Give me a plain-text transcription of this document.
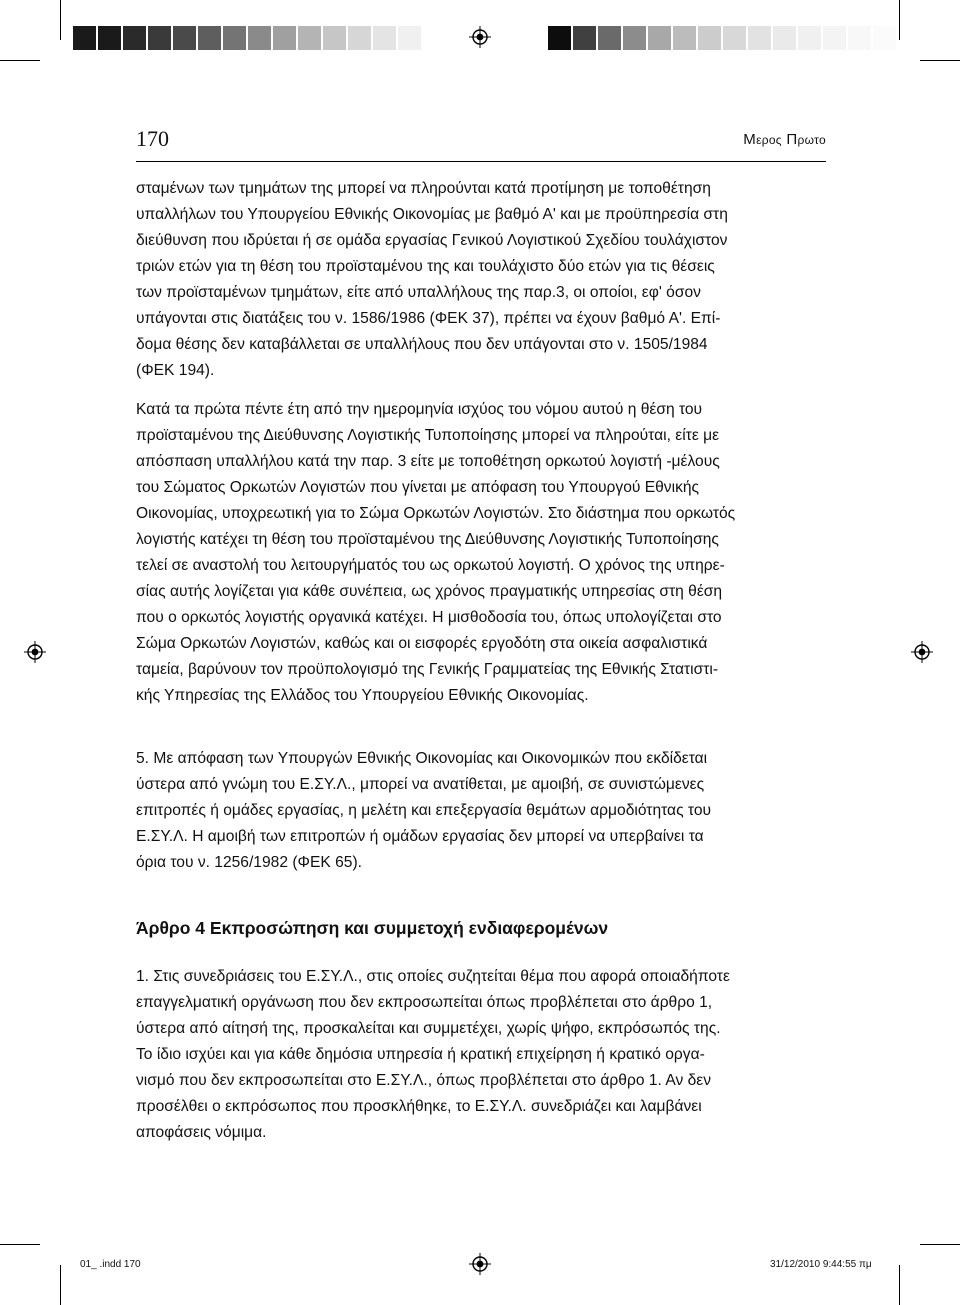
170	Μερος Πρωτο
σταμένων των τμημάτων της μπορεί να πληρούνται κατά προτίμηση με τοποθέτηση
υπαλλήλων του Υπουργείου Εθνικής Οικονομίας με βαθμό Α' και με προϋπηρεσία στη
διεύθυνση που ιδρύεται ή σε ομάδα εργασίας Γενικού Λογιστικού Σχεδίου τουλάχιστον
τριών ετών για τη θέση του προϊσταμένου της και τουλάχιστο δύο ετών για τις θέσεις
των προϊσταμένων τμημάτων, είτε από υπαλλήλους της παρ.3, οι οποίοι, εφ' όσον
υπάγονται στις διατάξεις του ν. 1586/1986 (ΦΕΚ 37), πρέπει να έχουν βαθμό Α'. Επί-
δομα θέσης δεν καταβάλλεται σε υπαλλήλους που δεν υπάγονται στο ν. 1505/1984
(ΦΕΚ 194).
Κατά τα πρώτα πέντε έτη από την ημερομηνία ισχύος του νόμου αυτού η θέση του
προϊσταμένου της Διεύθυνσης Λογιστικής Τυποποίησης μπορεί να πληρούται, είτε με
απόσπαση υπαλλήλου κατά την παρ. 3 είτε με τοποθέτηση ορκωτού λογιστή -μέλους
του Σώματος Ορκωτών Λογιστών που γίνεται με απόφαση του Υπουργού Εθνικής
Οικονομίας, υποχρεωτική για το Σώμα Ορκωτών Λογιστών. Στο διάστημα που ορκωτός
λογιστής κατέχει τη θέση του προϊσταμένου της Διεύθυνσης Λογιστικής Τυποποίησης
τελεί σε αναστολή του λειτουργήματός του ως ορκωτού λογιστή. Ο χρόνος της υπηρε-
σίας αυτής λογίζεται για κάθε συνέπεια, ως χρόνος πραγματικής υπηρεσίας στη θέση
που ο ορκωτός λογιστής οργανικά κατέχει. Η μισθοδοσία του, όπως υπολογίζεται στο
Σώμα Ορκωτών Λογιστών, καθώς και οι εισφορές εργοδότη στα οικεία ασφαλιστικά
ταμεία, βαρύνουν τον προϋπολογισμό της Γενικής Γραμματείας της Εθνικής Στατιστι-
κής Υπηρεσίας της Ελλάδος του Υπουργείου Εθνικής Οικονομίας.
5. Με απόφαση των Υπουργών Εθνικής Οικονομίας και Οικονομικών που εκδίδεται
ύστερα από γνώμη του Ε.ΣΥ.Λ., μπορεί να ανατίθεται, με αμοιβή, σε συνιστώμενες
επιτροπές ή ομάδες εργασίας, η μελέτη και επεξεργασία θεμάτων αρμοδιότητας του
Ε.ΣΥ.Λ. Η αμοιβή των επιτροπών ή ομάδων εργασίας δεν μπορεί να υπερβαίνει τα
όρια του ν. 1256/1982 (ΦΕΚ 65).
Άρθρο 4 Εκπροσώπηση και συμμετοχή ενδιαφερομένων
1. Στις συνεδριάσεις του Ε.ΣΥ.Λ., στις οποίες συζητείται θέμα που αφορά οποιαδήποτε
επαγγελματική οργάνωση που δεν εκπροσωπείται όπως προβλέπεται στο άρθρο 1,
ύστερα από αίτησή της, προσκαλείται και συμμετέχει, χωρίς ψήφο, εκπρόσωπός της.
Το ίδιο ισχύει και για κάθε δημόσια υπηρεσία ή κρατική επιχείρηση ή κρατικό οργα-
νισμό που δεν εκπροσωπείται στο Ε.ΣΥ.Λ., όπως προβλέπεται στο άρθρο 1. Αν δεν
προσέλθει ο εκπρόσωπος που προσκλήθηκε, το Ε.ΣΥ.Λ. συνεδριάζει και λαμβάνει
αποφάσεις νόμιμα.
01_ .indd 170	31/12/2010 9:44:55 πμ
